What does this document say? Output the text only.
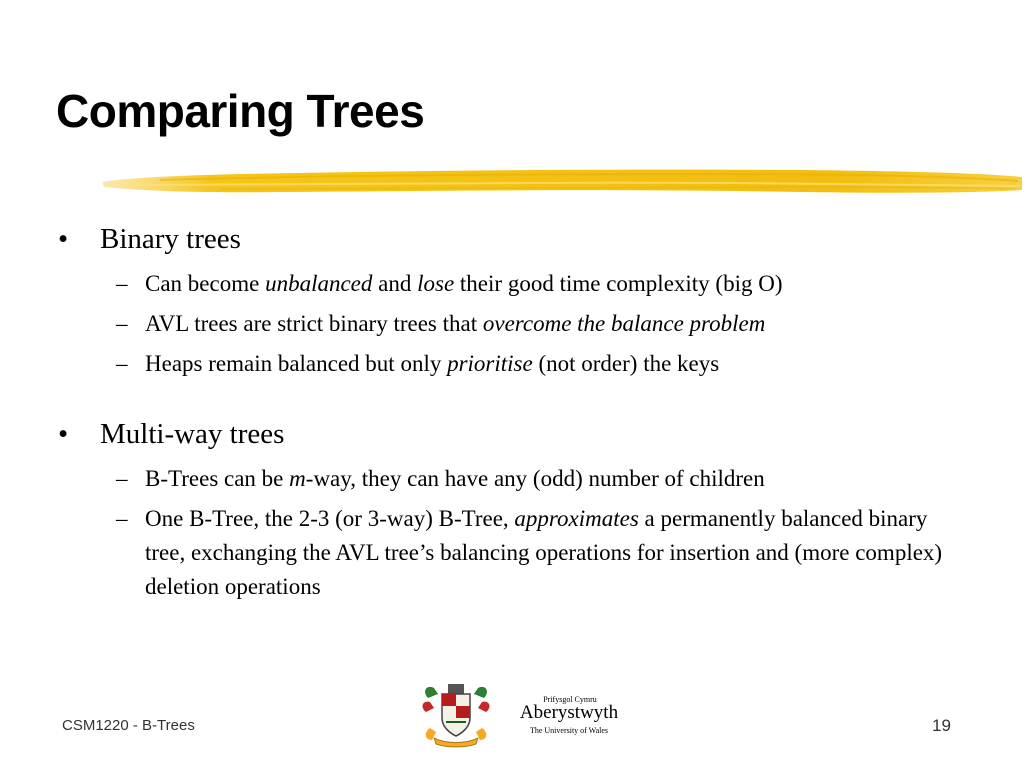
Comparing Trees
• Binary trees
– Can become unbalanced and lose their good time complexity (big O)
– AVL trees are strict binary trees that overcome the balance problem
– Heaps remain balanced but only prioritise (not order) the keys
• Multi-way trees
– B-Trees can be m-way, they can have any (odd) number of children
– One B-Tree, the 2-3 (or 3-way) B-Tree, approximates a permanently balanced binary tree, exchanging the AVL tree’s balancing operations for insertion and (more complex) deletion operations
CSM1220 - B-Trees
Prifysgol Cymru
Aberystwyth
The University of Wales	19
